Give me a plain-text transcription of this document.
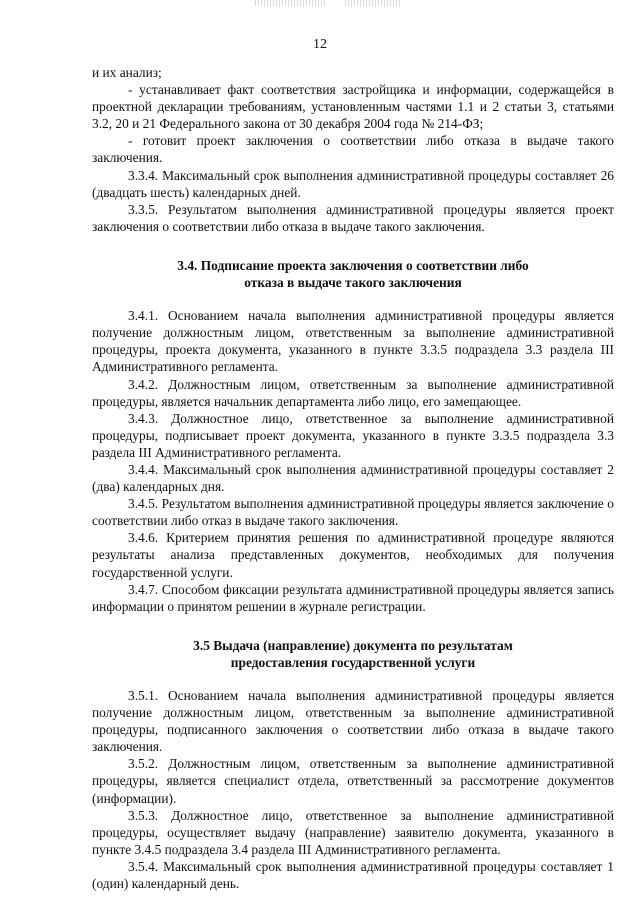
12

и их анализ;

- устанавливает факт соответствия застройщика и информации, содержащейся в проектной декларации требованиям, установленным частями 1.1 и 2 статьи 3, статьями 3.2, 20 и 21 Федерального закона от 30 декабря 2004 года № 214-ФЗ;

- готовит проект заключения о соответствии либо отказа в выдаче такого заключения.

3.3.4. Максимальный срок выполнения административной процедуры составляет 26 (двадцать шесть) календарных дней.

3.3.5. Результатом выполнения административной процедуры является проект заключения о соответствии либо отказа в выдаче такого заключения.

3.4. Подписание проекта заключения о соответствии либо
отказа в выдаче такого заключения

3.4.1. Основанием начала выполнения административной процедуры является получение должностным лицом, ответственным за выполнение административной процедуры, проекта документа, указанного в пункте 3.3.5 подраздела 3.3 раздела III Административного регламента.

3.4.2. Должностным лицом, ответственным за выполнение административной процедуры, является начальник департамента либо лицо, его замещающее.

3.4.3. Должностное лицо, ответственное за выполнение административной процедуры, подписывает проект документа, указанного в пункте 3.3.5 подраздела 3.3 раздела III Административного регламента.

3.4.4. Максимальный срок выполнения административной процедуры составляет 2 (два) календарных дня.

3.4.5. Результатом выполнения административной процедуры является заключение о соответствии либо отказ в выдаче такого заключения.

3.4.6. Критерием принятия решения по административной процедуре являются результаты анализа представленных документов, необходимых для получения государственной услуги.

3.4.7. Способом фиксации результата административной процедуры является запись информации о принятом решении в журнале регистрации.

3.5 Выдача (направление) документа по результатам
предоставления государственной услуги

3.5.1. Основанием начала выполнения административной процедуры является получение должностным лицом, ответственным за выполнение административной процедуры, подписанного заключения о соответствии либо отказа в выдаче такого заключения.

3.5.2. Должностным лицом, ответственным за выполнение административной процедуры, является специалист отдела, ответственный за рассмотрение документов (информации).

3.5.3. Должностное лицо, ответственное за выполнение административной процедуры, осуществляет выдачу (направление) заявителю документа, указанного в пункте 3.4.5 подраздела 3.4 раздела III Административного регламента.

3.5.4. Максимальный срок выполнения административной процедуры составляет 1 (один) календарный день.
